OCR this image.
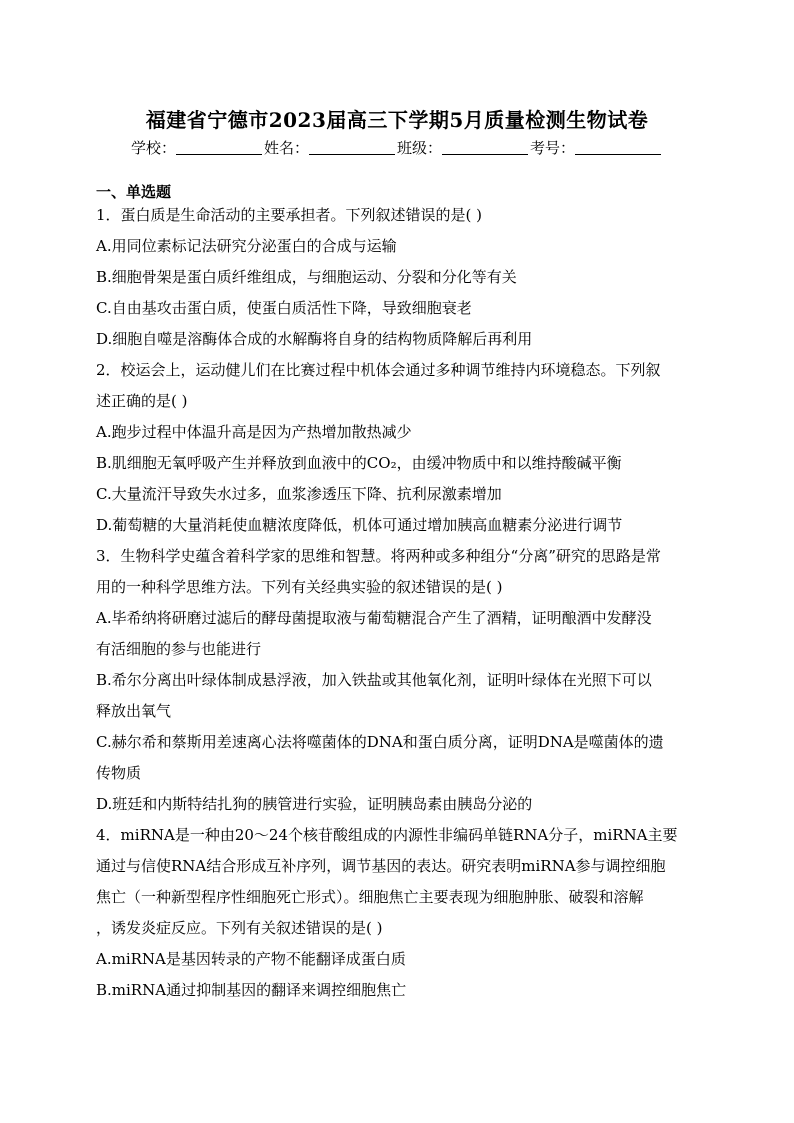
福建省宁德市2023届高三下学期5月质量检测生物试卷
学校：	姓名：	班级：	考号：
一、单选题
1．蛋白质是生命活动的主要承担者。下列叙述错误的是( )
A.用同位素标记法研究分泌蛋白的合成与运输
B.细胞骨架是蛋白质纤维组成，与细胞运动、分裂和分化等有关
C.自由基攻击蛋白质，使蛋白质活性下降，导致细胞衰老
D.细胞自噬是溶酶体合成的水解酶将自身的结构物质降解后再利用
2．校运会上，运动健儿们在比赛过程中机体会通过多种调节维持内环境稳态。下列叙
述正确的是( )
A.跑步过程中体温升高是因为产热增加散热减少
B.肌细胞无氧呼吸产生并释放到血液中的CO₂，由缓冲物质中和以维持酸碱平衡
C.大量流汗导致失水过多，血浆渗透压下降、抗利尿激素增加
D.葡萄糖的大量消耗使血糖浓度降低，机体可通过增加胰高血糖素分泌进行调节
3．生物科学史蕴含着科学家的思维和智慧。将两种或多种组分“分离”研究的思路是常
用的一种科学思维方法。下列有关经典实验的叙述错误的是( )
A.毕希纳将研磨过滤后的酵母菌提取液与葡萄糖混合产生了酒精，证明酿酒中发酵没
有活细胞的参与也能进行
B.希尔分离出叶绿体制成悬浮液，加入铁盐或其他氧化剂，证明叶绿体在光照下可以
释放出氧气
C.赫尔希和蔡斯用差速离心法将噬菌体的DNA和蛋白质分离，证明DNA是噬菌体的遗
传物质
D.班廷和内斯特结扎狗的胰管进行实验，证明胰岛素由胰岛分泌的
4．miRNA是一种由20～24个核苷酸组成的内源性非编码单链RNA分子，miRNA主要
通过与信使RNA结合形成互补序列，调节基因的表达。研究表明miRNA参与调控细胞
焦亡（一种新型程序性细胞死亡形式）。细胞焦亡主要表现为细胞肿胀、破裂和溶解
，诱发炎症反应。下列有关叙述错误的是( )
A.miRNA是基因转录的产物不能翻译成蛋白质
B.miRNA通过抑制基因的翻译来调控细胞焦亡
